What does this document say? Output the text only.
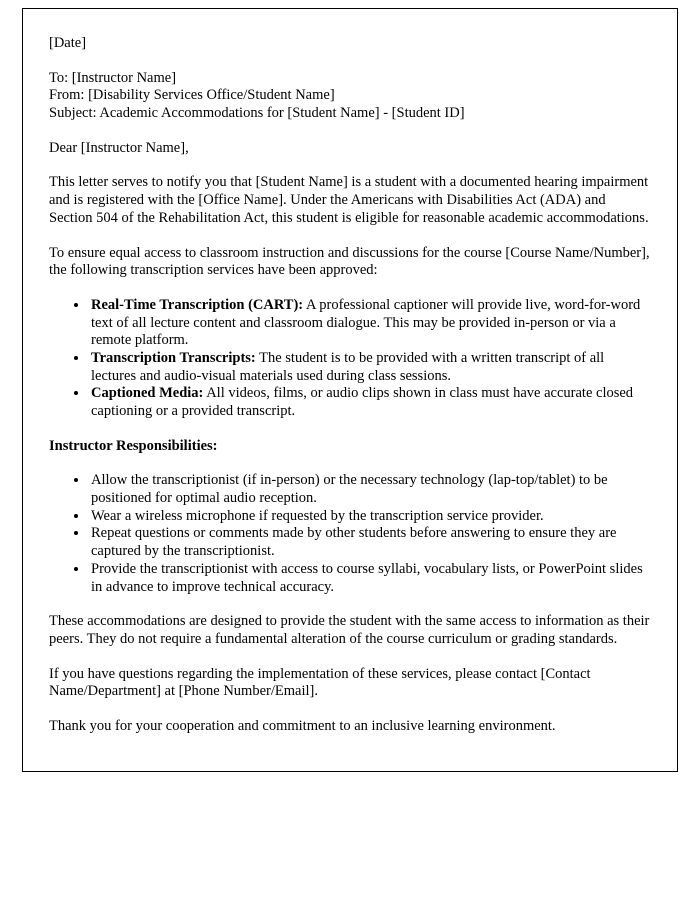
[Date]

To: [Instructor Name]
From: [Disability Services Office/Student Name]
Subject: Academic Accommodations for [Student Name] - [Student ID]

Dear [Instructor Name],

This letter serves to notify you that [Student Name] is a student with a documented hearing impairment and is registered with the [Office Name]. Under the Americans with Disabilities Act (ADA) and Section 504 of the Rehabilitation Act, this student is eligible for reasonable academic accommodations.

To ensure equal access to classroom instruction and discussions for the course [Course Name/Number], the following transcription services have been approved:

• Real-Time Transcription (CART): A professional captioner will provide live, word-for-word text of all lecture content and classroom dialogue. This may be provided in-person or via a remote platform.
• Transcription Transcripts: The student is to be provided with a written transcript of all lectures and audio-visual materials used during class sessions.
• Captioned Media: All videos, films, or audio clips shown in class must have accurate closed captioning or a provided transcript.

Instructor Responsibilities:

• Allow the transcriptionist (if in-person) or the necessary technology (lap-top/tablet) to be positioned for optimal audio reception.
• Wear a wireless microphone if requested by the transcription service provider.
• Repeat questions or comments made by other students before answering to ensure they are captured by the transcriptionist.
• Provide the transcriptionist with access to course syllabi, vocabulary lists, or PowerPoint slides in advance to improve technical accuracy.

These accommodations are designed to provide the student with the same access to information as their peers. They do not require a fundamental alteration of the course curriculum or grading standards.

If you have questions regarding the implementation of these services, please contact [Contact Name/Department] at [Phone Number/Email].

Thank you for your cooperation and commitment to an inclusive learning environment.
